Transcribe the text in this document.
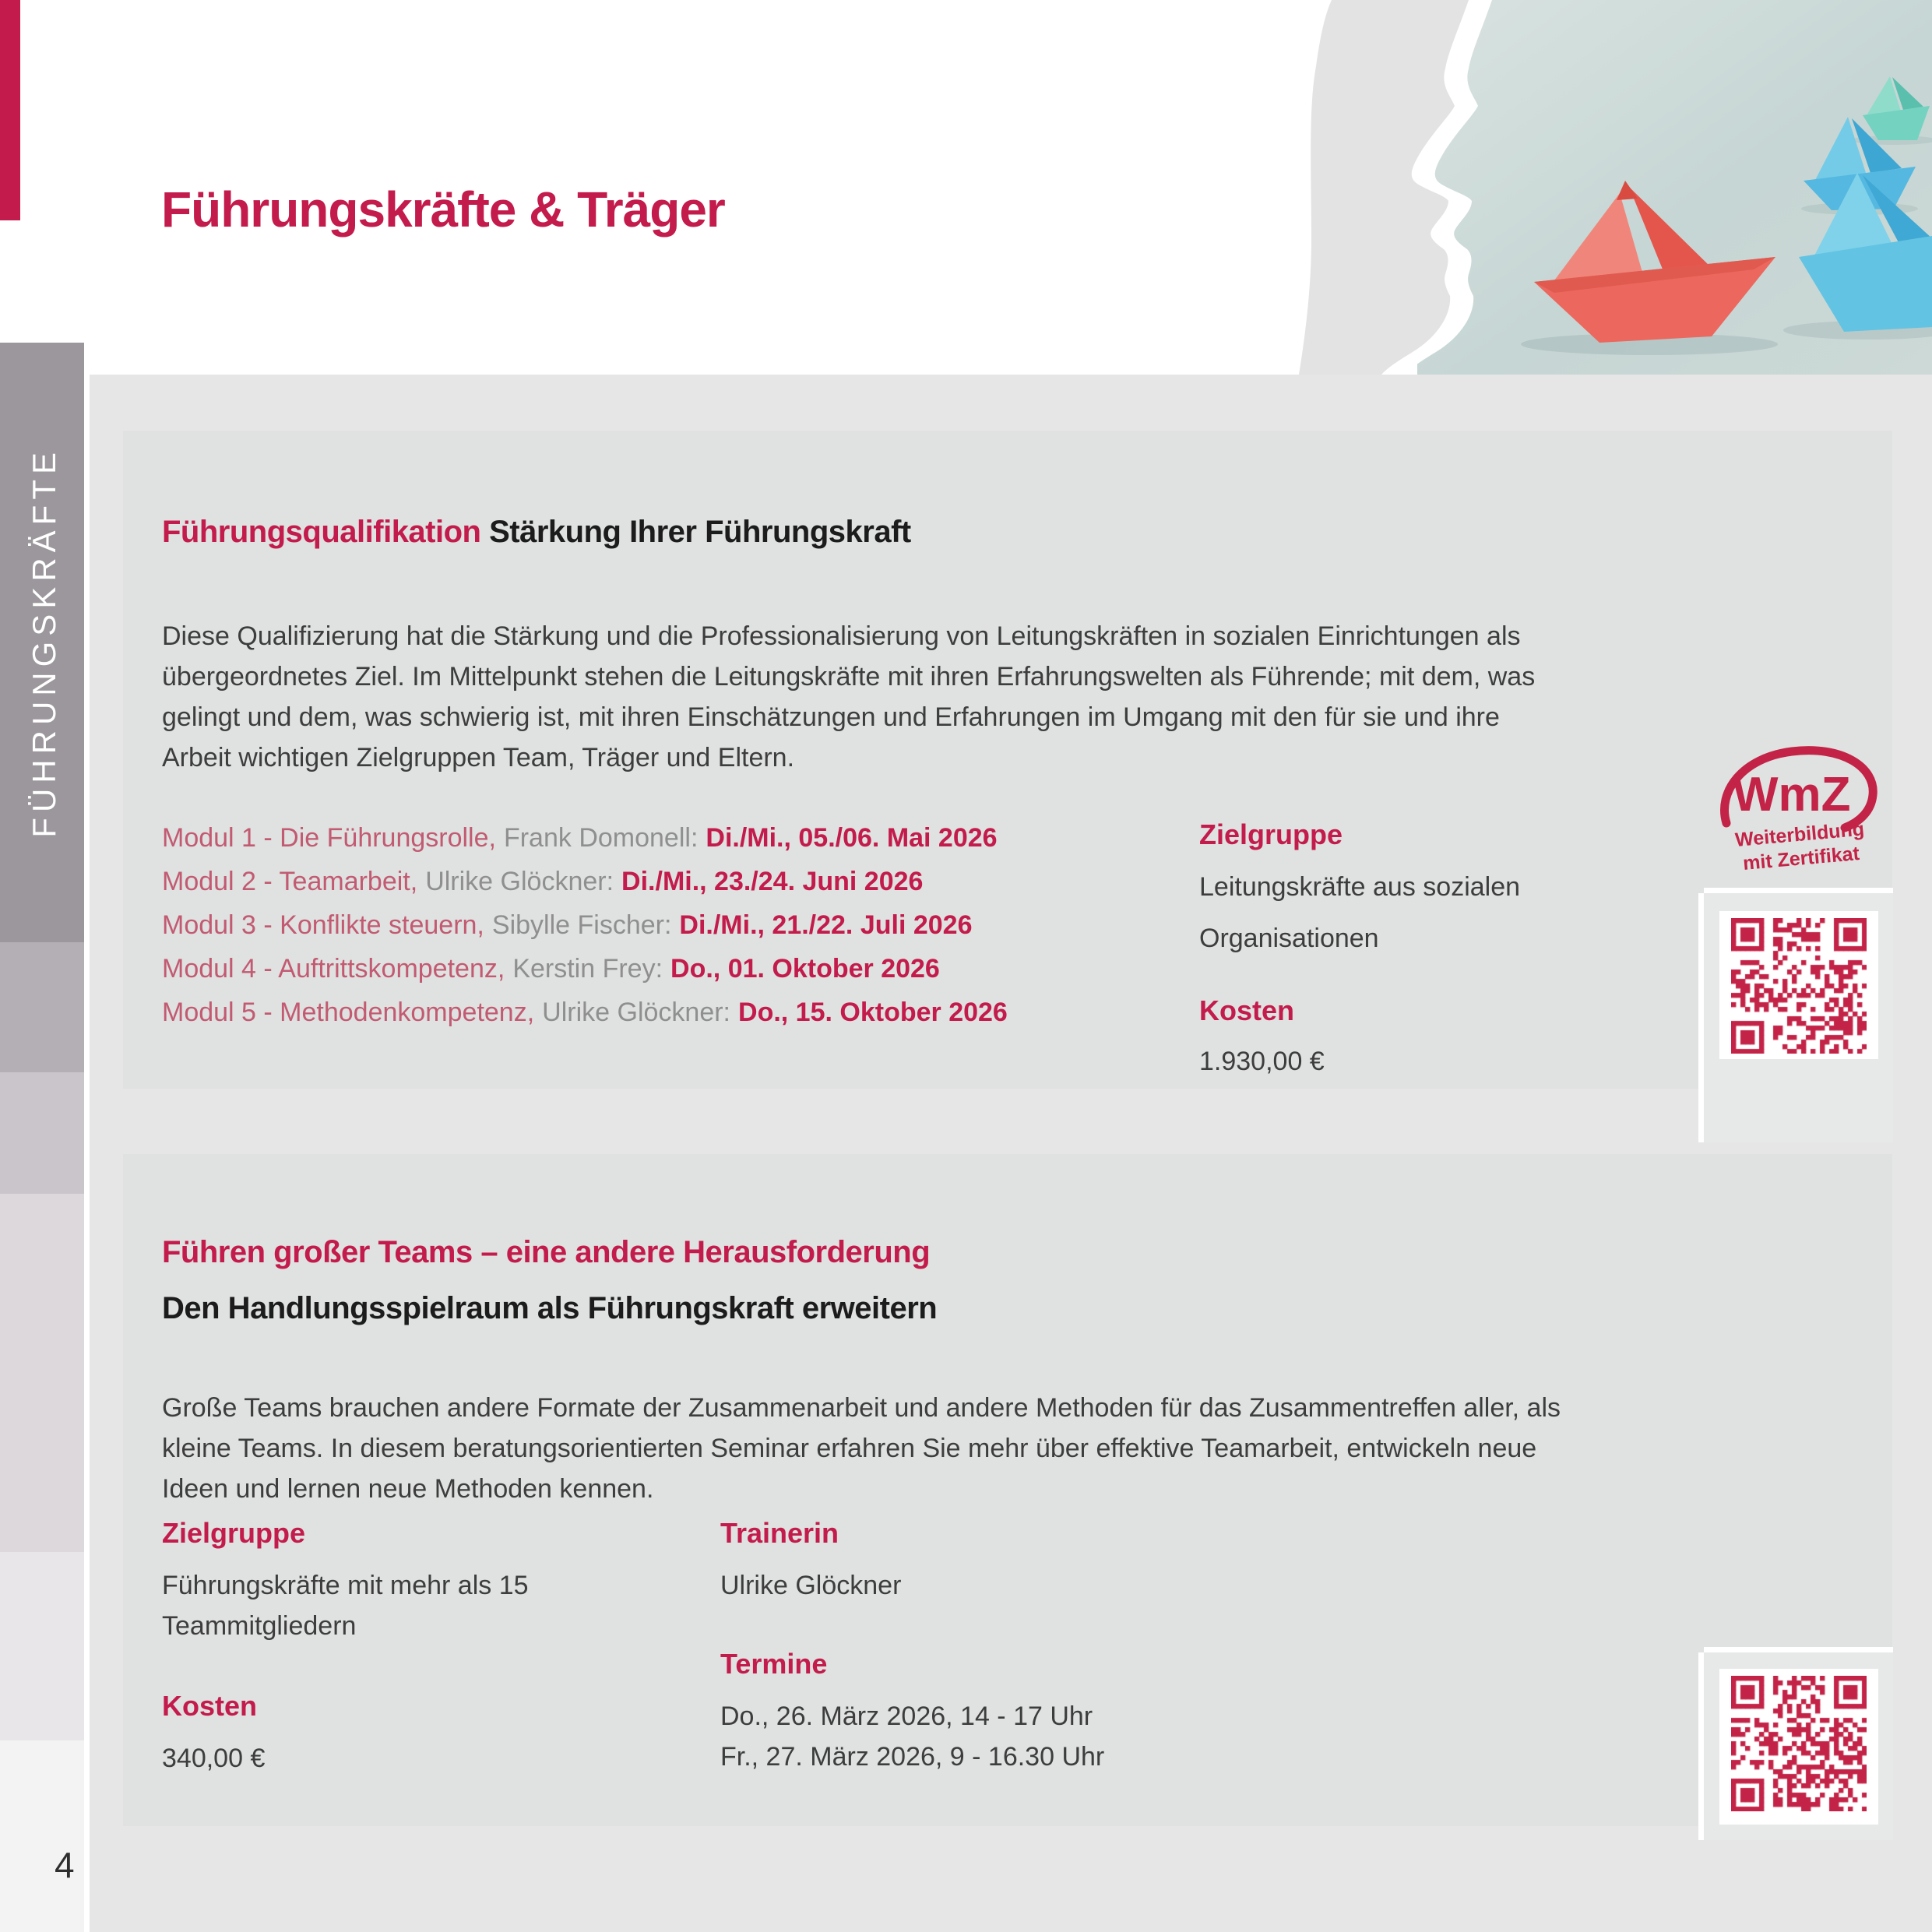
Führungskräfte & Träger
FÜHRUNGSKRÄFTE	Führungsqualifikation Stärkung Ihrer Führungskraft
Diese Qualifizierung hat die Stärkung und die Professionalisierung von Leitungskräften in sozialen Einrichtungen als
übergeordnetes Ziel. Im Mittelpunkt stehen die Leitungskräfte mit ihren Erfahrungswelten als Führende; mit dem, was
gelingt und dem, was schwierig ist, mit ihren Einschätzungen und Erfahrungen im Umgang mit den für sie und ihre
Arbeit wichtigen Zielgruppen Team, Träger und Eltern.
Modul 1 - Die Führungsrolle, Frank Domonell: Di./Mi., 05./06. Mai 2026
Modul 2 - Teamarbeit, Ulrike Glöckner: Di./Mi., 23./24. Juni 2026
Modul 3 - Konflikte steuern, Sibylle Fischer: Di./Mi., 21./22. Juli 2026
Modul 4 - Auftrittskompetenz, Kerstin Frey: Do., 01. Oktober 2026
Modul 5 - Methodenkompetenz, Ulrike Glöckner: Do., 15. Oktober 2026
Zielgruppe
Leitungskräfte aus sozialen
Organisationen
Kosten
1.930,00 €
WmZ
Weiterbildung
mit Zertifikat
Führen großer Teams – eine andere Herausforderung
Den Handlungsspielraum als Führungskraft erweitern
Große Teams brauchen andere Formate der Zusammenarbeit und andere Methoden für das Zusammentreffen aller, als
kleine Teams. In diesem beratungsorientierten Seminar erfahren Sie mehr über effektive Teamarbeit, entwickeln neue
Ideen und lernen neue Methoden kennen.
Zielgruppe
Führungskräfte mit mehr als 15
Teammitgliedern
Kosten
340,00 €
Trainerin
Ulrike Glöckner
Termine
Do., 26. März 2026, 14 - 17 Uhr
Fr., 27. März 2026, 9 - 16.30 Uhr
4
